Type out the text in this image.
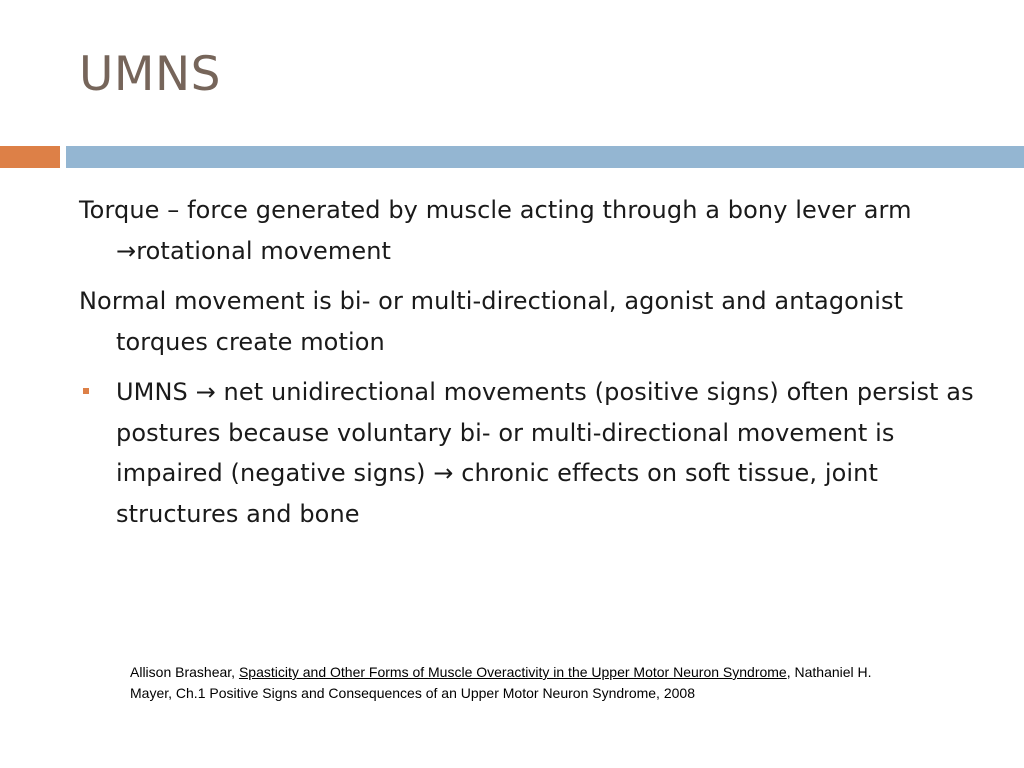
UMNS

Torque – force generated by muscle acting through a bony lever arm →rotational movement

Normal movement is bi- or multi-directional, agonist and antagonist torques create motion

UMNS → net unidirectional movements (positive signs) often persist as postures because voluntary bi- or multi-directional movement is impaired (negative signs) → chronic effects on soft tissue, joint structures and bone
Allison Brashear, Spasticity and Other Forms of Muscle Overactivity in the Upper Motor Neuron Syndrome, Nathaniel H. Mayer, Ch.1 Positive Signs and Consequences of an Upper Motor Neuron Syndrome, 2008
